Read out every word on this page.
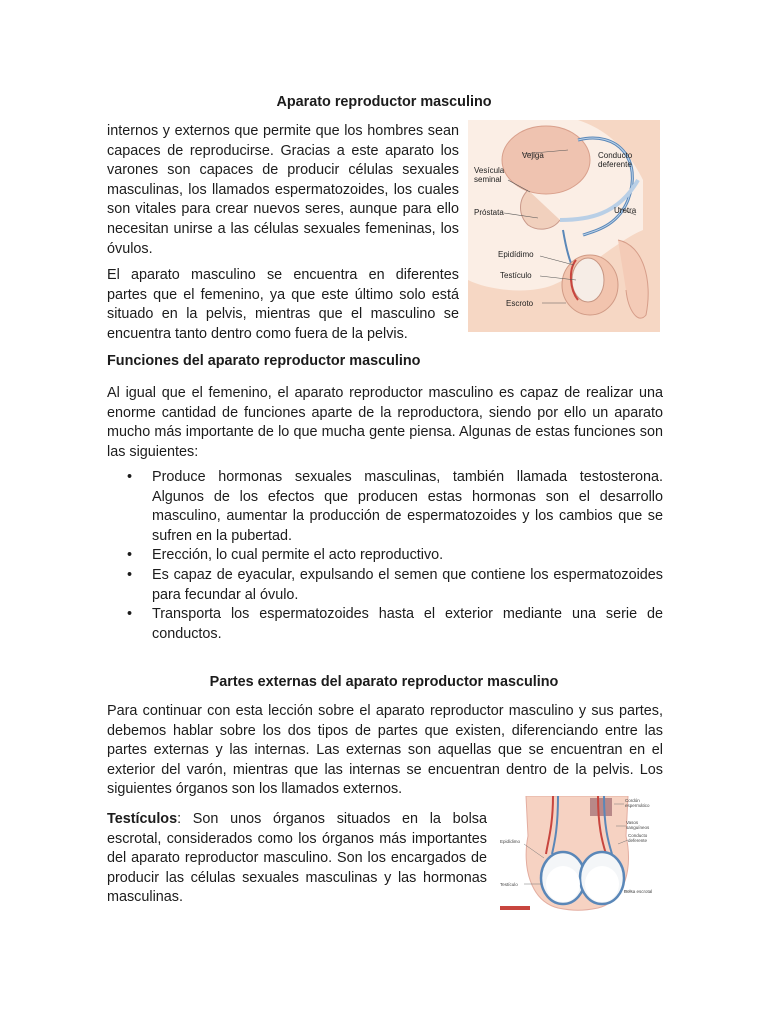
Aparato reproductor masculino

internos y externos que permite que los hombres sean capaces de reproducirse. Gracias a este aparato los varones son capaces de producir células sexuales masculinas, los llamados espermatozoides, los cuales son vitales para crear nuevos seres, aunque para ello necesitan unirse a las células sexuales femeninas, los óvulos.

El aparato masculino se encuentra en diferentes partes que el femenino, ya que este último solo está situado en la pelvis, mientras que el masculino se encuentra tanto dentro como fuera de la pelvis.

Vejiga	Conducto
deferente
Vesícula
seminal
Próstata	Uretra
Epidídimo
Testículo
Escroto
Funciones del aparato reproductor masculino

Al igual que el femenino, el aparato reproductor masculino es capaz de realizar una enorme cantidad de funciones aparte de la reproductora, siendo por ello un aparato mucho más importante de lo que mucha gente piensa. Algunas de estas funciones son las siguientes:

• Produce hormonas sexuales masculinas, también llamada testosterona. Algunos de los efectos que producen estas hormonas son el desarrollo masculino, aumentar la producción de espermatozoides y los cambios que se sufren en la pubertad.
• Erección, lo cual permite el acto reproductivo.
• Es capaz de eyacular, expulsando el semen que contiene los espermatozoides para fecundar al óvulo.
• Transporta los espermatozoides hasta el exterior mediante una serie de conductos.
Partes externas del aparato reproductor masculino

Para continuar con esta lección sobre el aparato reproductor masculino y sus partes, debemos hablar sobre los dos tipos de partes que existen, diferenciando entre las partes externas y las internas. Las externas son aquellas que se encuentran en el exterior del varón, mientras que las internas se encuentran dentro de la pelvis. Los siguientes órganos son los llamados externos.

Testículos: Son unos órganos situados en la bolsa escrotal, considerados como los órganos más importantes del aparato reproductor masculino. Son los encargados de producir las células sexuales masculinas y las hormonas masculinas.

Epidídimo
Testículo
Cordón
espermático
Vasos
sanguíneos
Conducto
deferente
Bolsa escrotal
